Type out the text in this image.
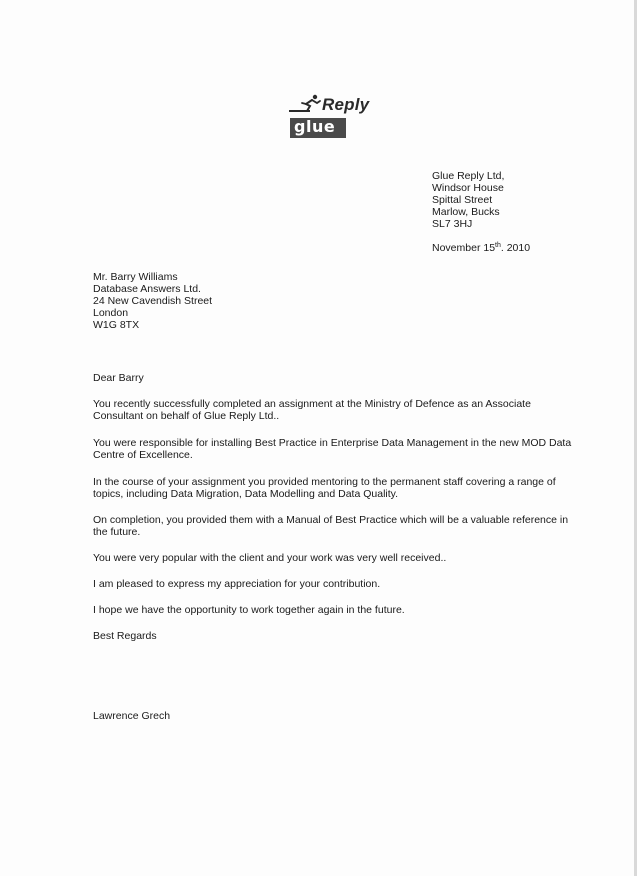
Reply
glue
Glue Reply Ltd,
Windsor House
Spittal Street
Marlow, Bucks
SL7 3HJ
November 15th. 2010
Mr. Barry Williams
Database Answers Ltd.
24 New Cavendish Street
London
W1G 8TX

Dear Barry

You recently successfully completed an assignment at the Ministry of Defence as an Associate Consultant on behalf of Glue Reply Ltd..

You were responsible for installing Best Practice in Enterprise Data Management in the new MOD Data Centre of Excellence.

In the course of your assignment you provided mentoring to the permanent staff covering a range of topics, including Data Migration, Data Modelling and Data Quality.

On completion, you provided them with a Manual of Best Practice which will be a valuable reference in the future.

You were very popular with the client and your work was very well received..

I am pleased to express my appreciation for your contribution.

I hope we have the opportunity to work together again in the future.

Best Regards

Lawrence Grech
